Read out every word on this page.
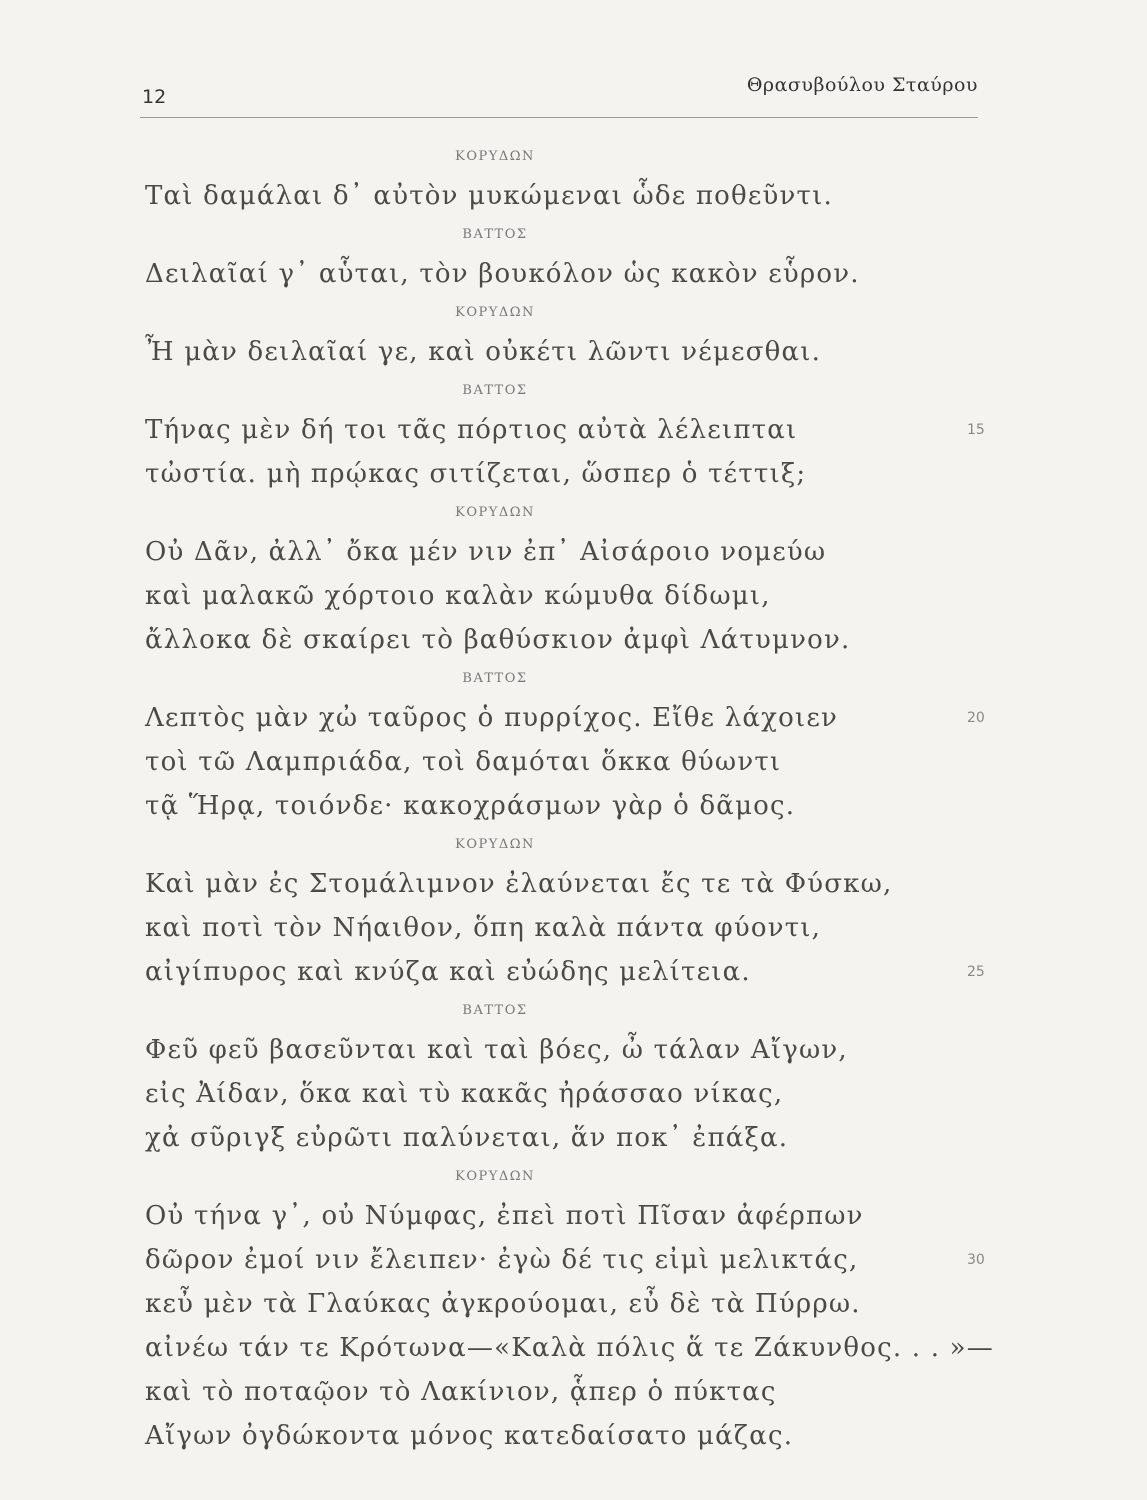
12
Θρασυβούλου Σταύρου
ΚΟΡΥΔΩΝ
Ταὶ δαμάλαι δ᾽ αὐτὸν μυκώμεναι ὧδε ποθεῦντι.
ΒΑΤΤΟΣ
Δειλαῖαί γ᾽ αὗται, τὸν βουκόλον ὡς κακὸν εὗρον.
ΚΟΡΥΔΩΝ
Ἦ μὰν δειλαῖαί γε, καὶ οὐκέτι λῶντι νέμεσθαι.
ΒΑΤΤΟΣ
Τήνας μὲν δή τοι τᾶς πόρτιος αὐτὰ λέλειπται	15
τὠστία. μὴ πρῴκας σιτίζεται, ὥσπερ ὁ τέττιξ;
ΚΟΡΥΔΩΝ
Οὐ Δᾶν, ἀλλ᾽ ὄκα μέν νιν ἐπ᾽ Αἰσάροιο νομεύω
καὶ μαλακῶ χόρτοιο καλὰν κώμυθα δίδωμι,
ἄλλοκα δὲ σκαίρει τὸ βαθύσκιον ἀμφὶ Λάτυμνον.
ΒΑΤΤΟΣ
Λεπτὸς μὰν χὠ ταῦρος ὁ πυρρίχος. Εἴθε λάχοιεν	20
τοὶ τῶ Λαμπριάδα, τοὶ δαμόται ὅκκα θύωντι
τᾷ Ἥρᾳ, τοιόνδε· κακοχράσμων γὰρ ὁ δᾶμος.
ΚΟΡΥΔΩΝ
Καὶ μὰν ἐς Στομάλιμνον ἐλαύνεται ἔς τε τὰ Φύσκω,
καὶ ποτὶ τὸν Νήαιθον, ὅπη καλὰ πάντα φύοντι,
αἰγίπυρος καὶ κνύζα καὶ εὐώδης μελίτεια.	25
ΒΑΤΤΟΣ
Φεῦ φεῦ βασεῦνται καὶ ταὶ βόες, ὦ τάλαν Αἴγων,
εἰς Ἀίδαν, ὅκα καὶ τὺ κακᾶς ἠράσσαο νίκας,
χἀ σῦριγξ εὐρῶτι παλύνεται, ἅν ποκ᾽ ἐπάξα.
ΚΟΡΥΔΩΝ
Οὐ τήνα γ᾽, οὐ Νύμφας, ἐπεὶ ποτὶ Πῖσαν ἀφέρπων
δῶρον ἐμοί νιν ἔλειπεν· ἐγὼ δέ τις εἰμὶ μελικτάς,	30
κεὖ μὲν τὰ Γλαύκας ἀγκρούομαι, εὖ δὲ τὰ Πύρρω.
αἰνέω τάν τε Κρότωνα—«Καλὰ πόλις ἅ τε Ζάκυνθος. . . »—
καὶ τὸ ποταῷον τὸ Λακίνιον, ᾇπερ ὁ πύκτας
Αἴγων ὀγδώκοντα μόνος κατεδαίσατο μάζας.
